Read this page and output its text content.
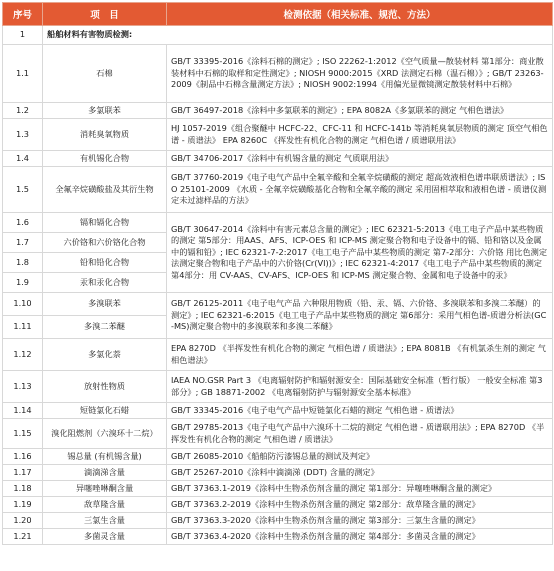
序号	项　目	检测依据（相关标准、规范、方法）
1	船舶材料有害物质检测:	
1.1	石棉	GB/T 33395-2016《涂料石棉的测定》; ISO 22262-1:2012《空气质量—散装材料 第1部分：商业散装材料中石棉的取样和定性测定》; NIOSH 9000:2015《XRD 法测定石棉（温石棉）》; GB/T 23263-2009《制品中石棉含量测定方法》; NIOSH 9002:1994《用偏光显微镜测定散装材料中石棉》
1.2	多氯联苯	GB/T 36497-2018《涂料中多氯联苯的测定》; EPA 8082A《多氯联苯的测定 气相色谱法》
1.3	消耗臭氧物质	HJ 1057-2019《组合聚醚中 HCFC-22、CFC-11 和 HCFC-141b 等消耗臭氧层物质的测定 顶空气相色谱 - 质谱法》 EPA 8260C 《挥发性有机化合物的测定 气相色谱 / 质谱联用法》
1.4	有机锡化合物	GB/T 34706-2017《涂料中有机锡含量的测定 气质联用法》
1.5	全氟辛烷磺酸盐及其衍生物	GB/T 37760-2019《电子电气产品中全氟辛酸和全氟辛烷磺酸的测定 超高效液相色谱串联质谱法》; ISO 25101-2009 《水质 - 全氟辛烷磺酸基化合物和全氟辛酸的测定 采用固相萃取和液相色谱 - 质谱仪测定未过滤样品的方法》
1.6	镉和镉化合物	GB/T 30647-2014《涂料中有害元素总含量的测定》; IEC 62321-5:2013《电工电子产品中某些物质的测定 第5部分：用AAS、AFS、ICP-OES 和 ICP-MS 测定聚合物和电子设备中的镉、铅和铬以及金属中的镉和铅》; IEC 62321-7-2:2017《电工电子产品中某些物质的测定 第7-2部分：六价铬 用比色测定法测定聚合物和电子产品中的六价铬(Cr(VI))》; IEC 62321-4:2017《电工电子产品中某些物质的测定 第4部分：用 CV-AAS、CV-AFS、ICP-OES 和 ICP-MS 测定聚合物、金属和电子设备中的汞》
1.7	六价铬和六价铬化合物	
1.8	铅和铅化合物	
1.9	汞和汞化合物	
1.10	多溴联苯	GB/T 26125-2011《电子电气产品 六种限用物质（铅、汞、镉、六价铬、多溴联苯和多溴二苯醚）的测定》; IEC 62321-6:2015《电工电子产品中某些物质的测定 第6部分：采用气相色谱-质谱分析法(GC-MS)测定聚合物中的多溴联苯和多溴二苯醚》
1.11	多溴二苯醚	
1.12	多氯化萘	EPA 8270D 《半挥发性有机化合物的测定 气相色谱 / 质谱法》; EPA 8081B 《有机氯杀生剂的测定 气相色谱法》
1.13	放射性物质	IAEA NO.GSR Part 3 《电离辐射防护和辐射源安全：国际基础安全标准（暂行版） 一般安全标准 第3部分》; GB 18871-2002 《电离辐射防护与辐射源安全基本标准》
1.14	短链氯化石蜡	GB/T 33345-2016《电子电气产品中短链氯化石蜡的测定 气相色谱 - 质谱法》
1.15	溴化阻燃剂（六溴环十二烷）	GB/T 29785-2013《电子电气产品中六溴环十二烷的测定 气相色谱 - 质谱联用法》; EPA 8270D 《半挥发性有机化合物的测定 气相色谱 / 质谱法》
1.16	锡总量 (有机锡含量)	GB/T 26085-2010《船舶防污漆锡总量的测试及判定》
1.17	滴滴涕含量	GB/T 25267-2010《涂料中滴滴涕 (DDT) 含量的测定》
1.18	异噻唑啉酮含量	GB/T 37363.1-2019《涂料中生物杀伤剂含量的测定 第1部分：异噻唑啉酮含量的测定》
1.19	敌草隆含量	GB/T 37363.2-2019《涂料中生物杀伤剂含量的测定 第2部分：敌草隆含量的测定》
1.20	三氯生含量	GB/T 37363.3-2020《涂料中生物杀伤剂含量的测定 第3部分：三氯生含量的测定》
1.21	多菌灵含量	GB/T 37363.4-2020《涂料中生物杀伤剂含量的测定 第4部分：多菌灵含量的测定》
